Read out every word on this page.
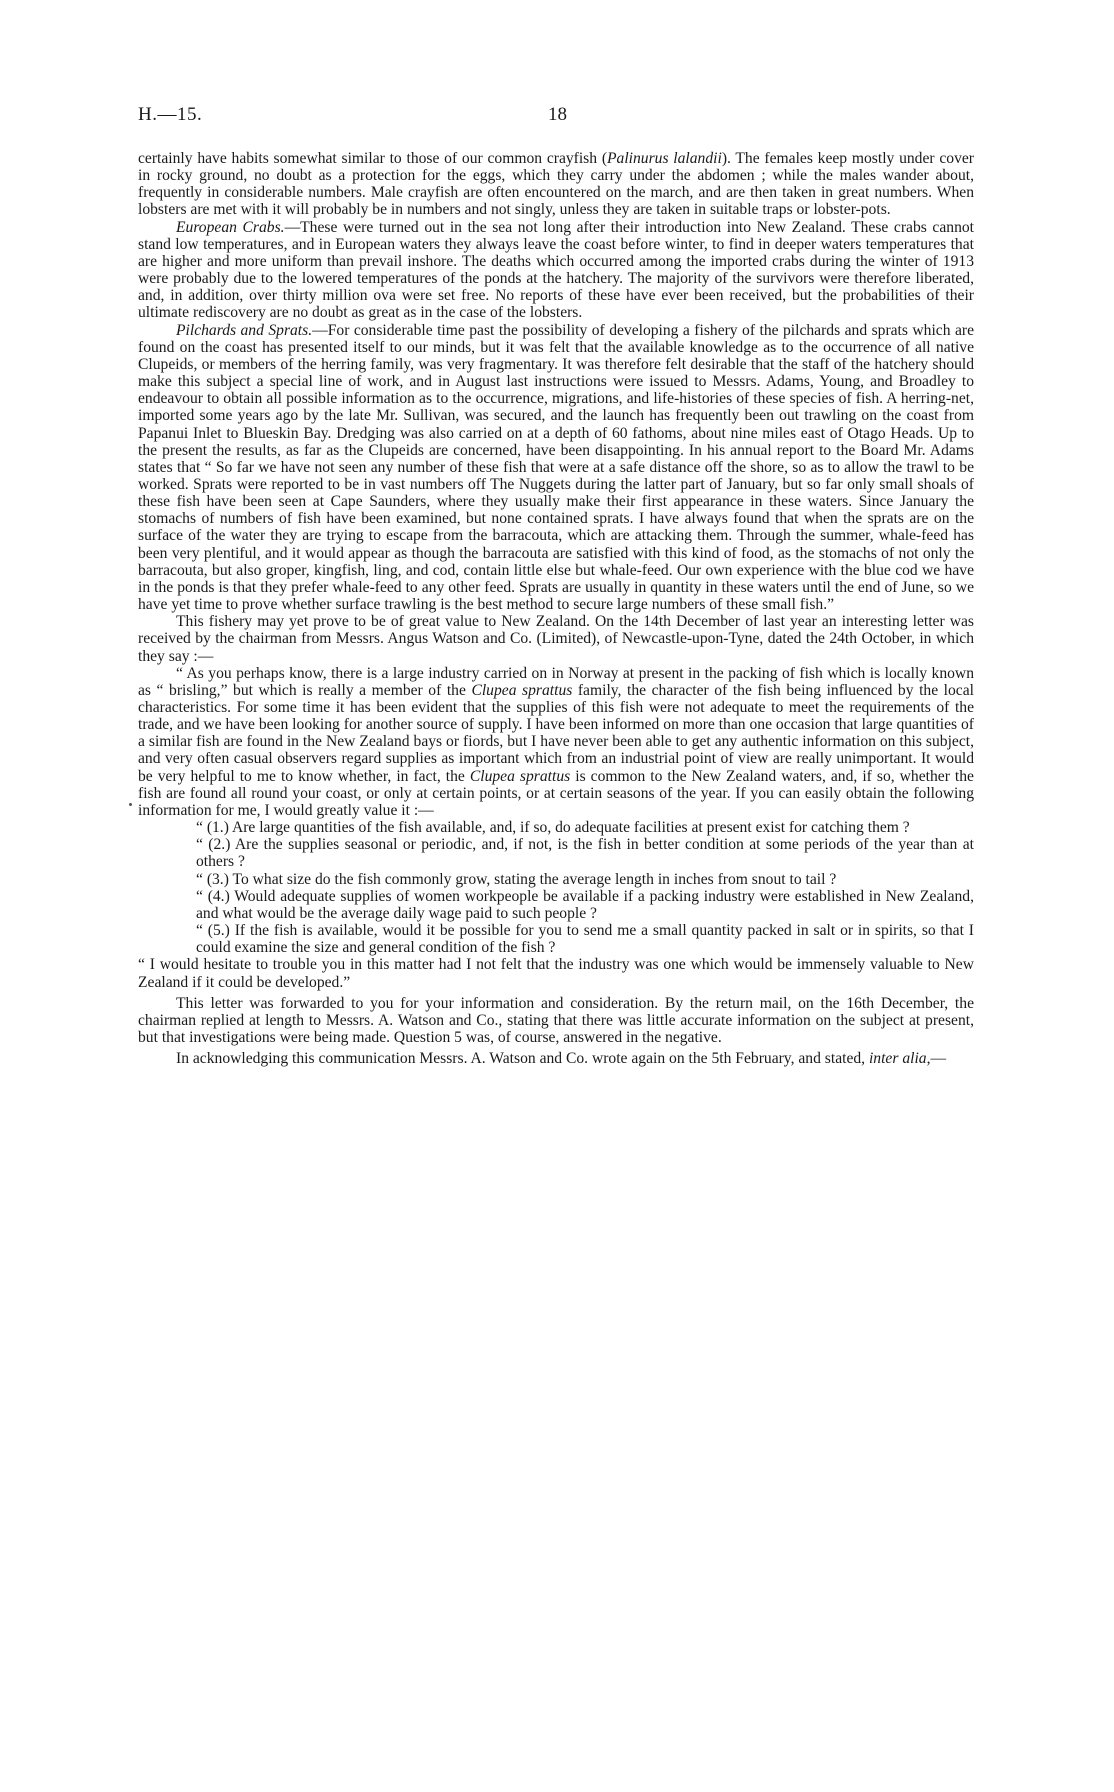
H.—15.	18

certainly have habits somewhat similar to those of our common crayfish (Palinurus lalandii). The females keep mostly under cover in rocky ground, no doubt as a protection for the eggs, which they carry under the abdomen ; while the males wander about, frequently in considerable numbers. Male crayfish are often encountered on the march, and are then taken in great numbers. When lobsters are met with it will probably be in numbers and not singly, unless they are taken in suitable traps or lobster-pots.

European Crabs.—These were turned out in the sea not long after their introduction into New Zealand. These crabs cannot stand low temperatures, and in European waters they always leave the coast before winter, to find in deeper waters temperatures that are higher and more uniform than prevail inshore. The deaths which occurred among the imported crabs during the winter of 1913 were probably due to the lowered temperatures of the ponds at the hatchery. The majority of the survivors were therefore liberated, and, in addition, over thirty million ova were set free. No reports of these have ever been received, but the probabilities of their ultimate rediscovery are no doubt as great as in the case of the lobsters.

Pilchards and Sprats.—For considerable time past the possibility of developing a fishery of the pilchards and sprats which are found on the coast has presented itself to our minds, but it was felt that the available knowledge as to the occurrence of all native Clupeids, or members of the herring family, was very fragmentary. It was therefore felt desirable that the staff of the hatchery should make this subject a special line of work, and in August last instructions were issued to Messrs. Adams, Young, and Broadley to endeavour to obtain all possible information as to the occurrence, migrations, and life-histories of these species of fish. A herring-net, imported some years ago by the late Mr. Sullivan, was secured, and the launch has frequently been out trawling on the coast from Papanui Inlet to Blueskin Bay. Dredging was also carried on at a depth of 60 fathoms, about nine miles east of Otago Heads. Up to the present the results, as far as the Clupeids are concerned, have been disappointing. In his annual report to the Board Mr. Adams states that “ So far we have not seen any number of these fish that were at a safe distance off the shore, so as to allow the trawl to be worked. Sprats were reported to be in vast numbers off The Nuggets during the latter part of January, but so far only small shoals of these fish have been seen at Cape Saunders, where they usually make their first appearance in these waters. Since January the stomachs of numbers of fish have been examined, but none contained sprats. I have always found that when the sprats are on the surface of the water they are trying to escape from the barracouta, which are attacking them. Through the summer, whale-feed has been very plentiful, and it would appear as though the barracouta are satisfied with this kind of food, as the stomachs of not only the barracouta, but also groper, kingfish, ling, and cod, contain little else but whale-feed. Our own experience with the blue cod we have in the ponds is that they prefer whale-feed to any other feed. Sprats are usually in quantity in these waters until the end of June, so we have yet time to prove whether surface trawling is the best method to secure large numbers of these small fish.”

This fishery may yet prove to be of great value to New Zealand. On the 14th December of last year an interesting letter was received by the chairman from Messrs. Angus Watson and Co. (Limited), of Newcastle-upon-Tyne, dated the 24th October, in which they say :—

“ As you perhaps know, there is a large industry carried on in Norway at present in the packing of fish which is locally known as “ brisling,” but which is really a member of the Clupea sprattus family, the character of the fish being influenced by the local characteristics. For some time it has been evident that the supplies of this fish were not adequate to meet the requirements of the trade, and we have been looking for another source of supply. I have been informed on more than one occasion that large quantities of a similar fish are found in the New Zealand bays or fiords, but I have never been able to get any authentic information on this subject, and very often casual observers regard supplies as important which from an industrial point of view are really unimportant. It would be very helpful to me to know whether, in fact, the Clupea sprattus is common to the New Zealand waters, and, if so, whether the fish are found all round your coast, or only at certain points, or at certain seasons of the year. If you can easily obtain the following information for me, I would greatly value it :—

“ (1.) Are large quantities of the fish available, and, if so, do adequate facilities at present exist for catching them ?

“ (2.) Are the supplies seasonal or periodic, and, if not, is the fish in better condition at some periods of the year than at others ?

“ (3.) To what size do the fish commonly grow, stating the average length in inches from snout to tail ?

“ (4.) Would adequate supplies of women workpeople be available if a packing industry were established in New Zealand, and what would be the average daily wage paid to such people ?

“ (5.) If the fish is available, would it be possible for you to send me a small quantity packed in salt or in spirits, so that I could examine the size and general condition of the fish ?

“ I would hesitate to trouble you in this matter had I not felt that the industry was one which would be immensely valuable to New Zealand if it could be developed.”

This letter was forwarded to you for your information and consideration. By the return mail, on the 16th December, the chairman replied at length to Messrs. A. Watson and Co., stating that there was little accurate information on the subject at present, but that investigations were being made. Question 5 was, of course, answered in the negative.

In acknowledging this communication Messrs. A. Watson and Co. wrote again on the 5th February, and stated, inter alia,—
